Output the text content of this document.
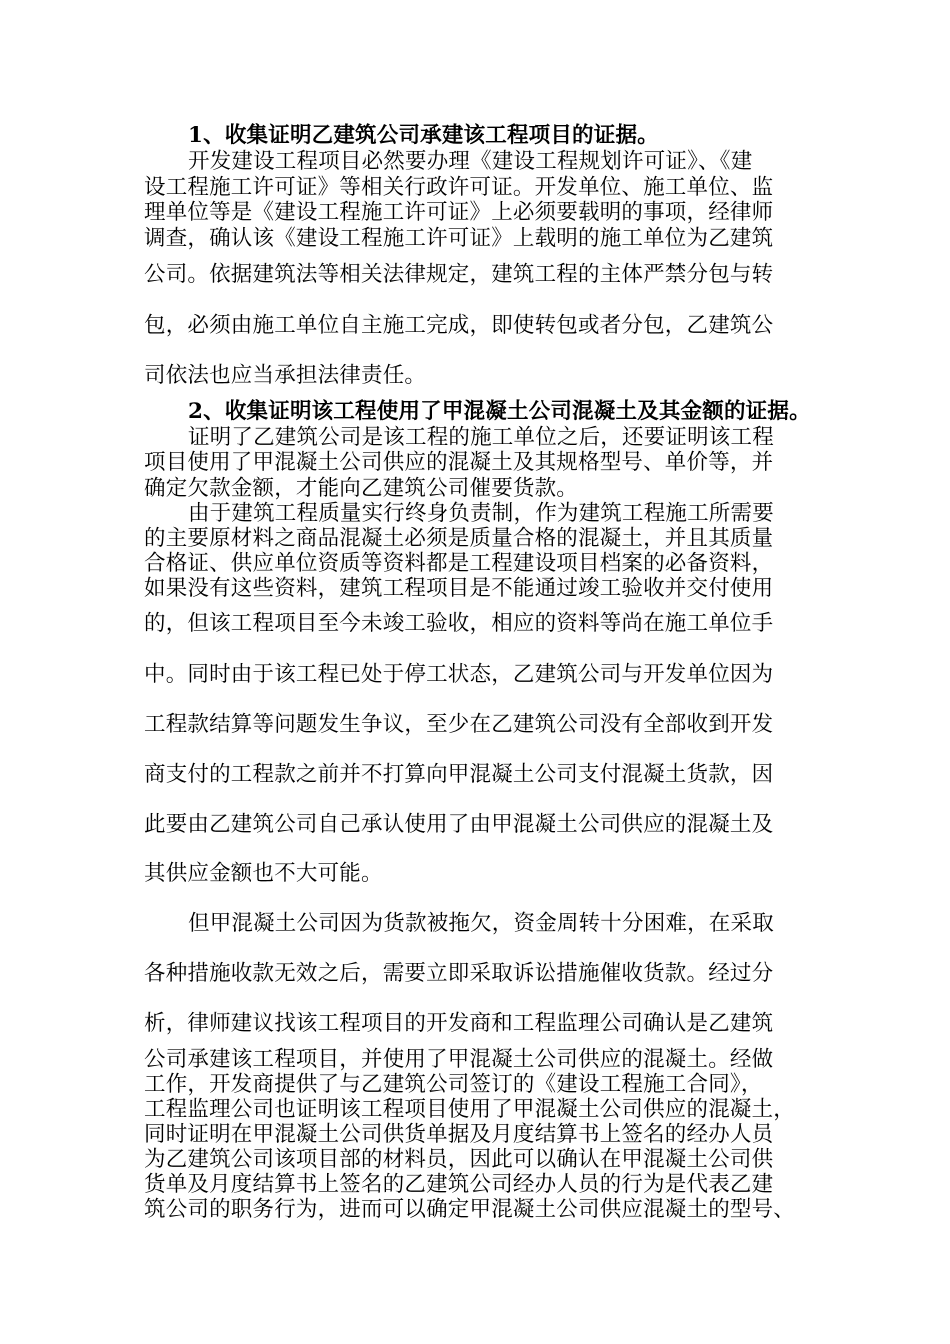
1、收集证明乙建筑公司承建该工程项目的证据。
开发建设工程项目必然要办理《建设工程规划许可证》、《建
设工程施工许可证》等相关行政许可证。开发单位、施工单位、监
理单位等是《建设工程施工许可证》上必须要载明的事项，经律师
调查，确认该《建设工程施工许可证》上载明的施工单位为乙建筑
公司。依据建筑法等相关法律规定，建筑工程的主体严禁分包与转
包，必须由施工单位自主施工完成，即使转包或者分包，乙建筑公
司依法也应当承担法律责任。
2、收集证明该工程使用了甲混凝土公司混凝土及其金额的证据。
证明了乙建筑公司是该工程的施工单位之后，还要证明该工程
项目使用了甲混凝土公司供应的混凝土及其规格型号、单价等，并
确定欠款金额，才能向乙建筑公司催要货款。
由于建筑工程质量实行终身负责制，作为建筑工程施工所需要
的主要原材料之商品混凝土必须是质量合格的混凝土，并且其质量
合格证、供应单位资质等资料都是工程建设项目档案的必备资料，
如果没有这些资料，建筑工程项目是不能通过竣工验收并交付使用
的，但该工程项目至今未竣工验收，相应的资料等尚在施工单位手
中。同时由于该工程已处于停工状态，乙建筑公司与开发单位因为
工程款结算等问题发生争议，至少在乙建筑公司没有全部收到开发
商支付的工程款之前并不打算向甲混凝土公司支付混凝土货款，因
此要由乙建筑公司自己承认使用了由甲混凝土公司供应的混凝土及
其供应金额也不大可能。
但甲混凝土公司因为货款被拖欠，资金周转十分困难，在采取
各种措施收款无效之后，需要立即采取诉讼措施催收货款。经过分
析，律师建议找该工程项目的开发商和工程监理公司确认是乙建筑
公司承建该工程项目，并使用了甲混凝土公司供应的混凝土。经做
工作，开发商提供了与乙建筑公司签订的《建设工程施工合同》，
工程监理公司也证明该工程项目使用了甲混凝土公司供应的混凝土，
同时证明在甲混凝土公司供货单据及月度结算书上签名的经办人员
为乙建筑公司该项目部的材料员，因此可以确认在甲混凝土公司供
货单及月度结算书上签名的乙建筑公司经办人员的行为是代表乙建
筑公司的职务行为，进而可以确定甲混凝土公司供应混凝土的型号、
